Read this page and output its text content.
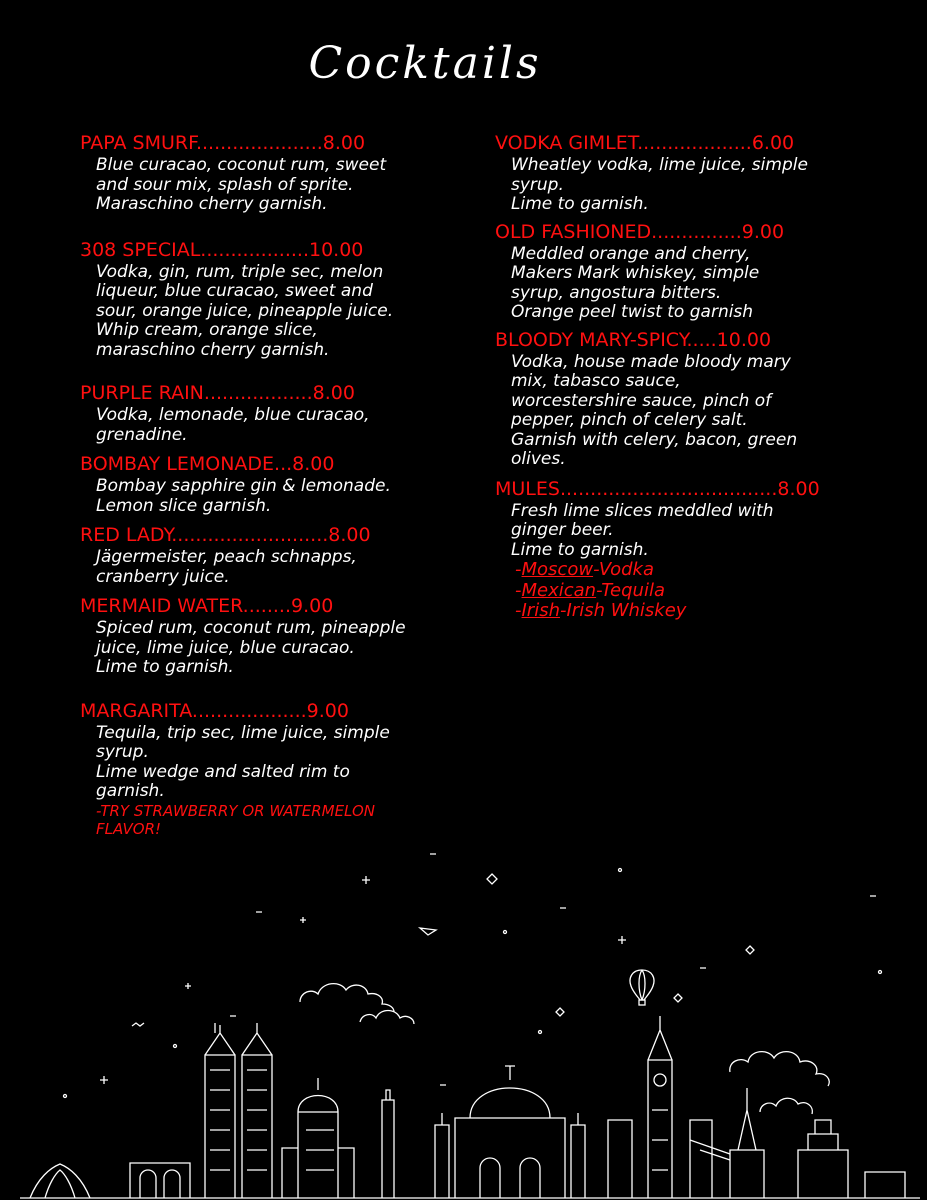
Cocktails
PAPA SMURF.....................8.00
Blue curacao, coconut rum, sweet
and sour mix, splash of sprite.
Maraschino cherry garnish.
308 SPECIAL..................10.00
Vodka, gin, rum, triple sec, melon
liqueur, blue curacao, sweet and
sour, orange juice, pineapple juice.
Whip cream, orange slice,
maraschino cherry garnish.
PURPLE RAIN..................8.00
Vodka, lemonade, blue curacao,
grenadine.
BOMBAY LEMONADE...8.00
Bombay sapphire gin & lemonade.
Lemon slice garnish.
RED LADY..........................8.00
Jägermeister, peach schnapps,
cranberry juice.
MERMAID WATER........9.00
Spiced rum, coconut rum, pineapple
juice, lime juice, blue curacao.
Lime to garnish.
MARGARITA...................9.00
Tequila, trip sec, lime juice, simple
syrup.
Lime wedge and salted rim to
garnish.
-TRY STRAWBERRY OR WATERMELON
FLAVOR!
VODKA GIMLET...................6.00
Wheatley vodka, lime juice, simple
syrup.
Lime to garnish.
OLD FASHIONED...............9.00
Meddled orange and cherry,
Makers Mark whiskey, simple
syrup, angostura bitters.
Orange peel twist to garnish
BLOODY MARY-SPICY.....10.00
Vodka, house made bloody mary
mix, tabasco sauce,
worcestershire sauce, pinch of
pepper, pinch of celery salt.
Garnish with celery, bacon, green
olives.
MULES....................................8.00
Fresh lime slices meddled with
ginger beer.
Lime to garnish.
-Moscow-Vodka
-Mexican-Tequila
-Irish-Irish Whiskey
